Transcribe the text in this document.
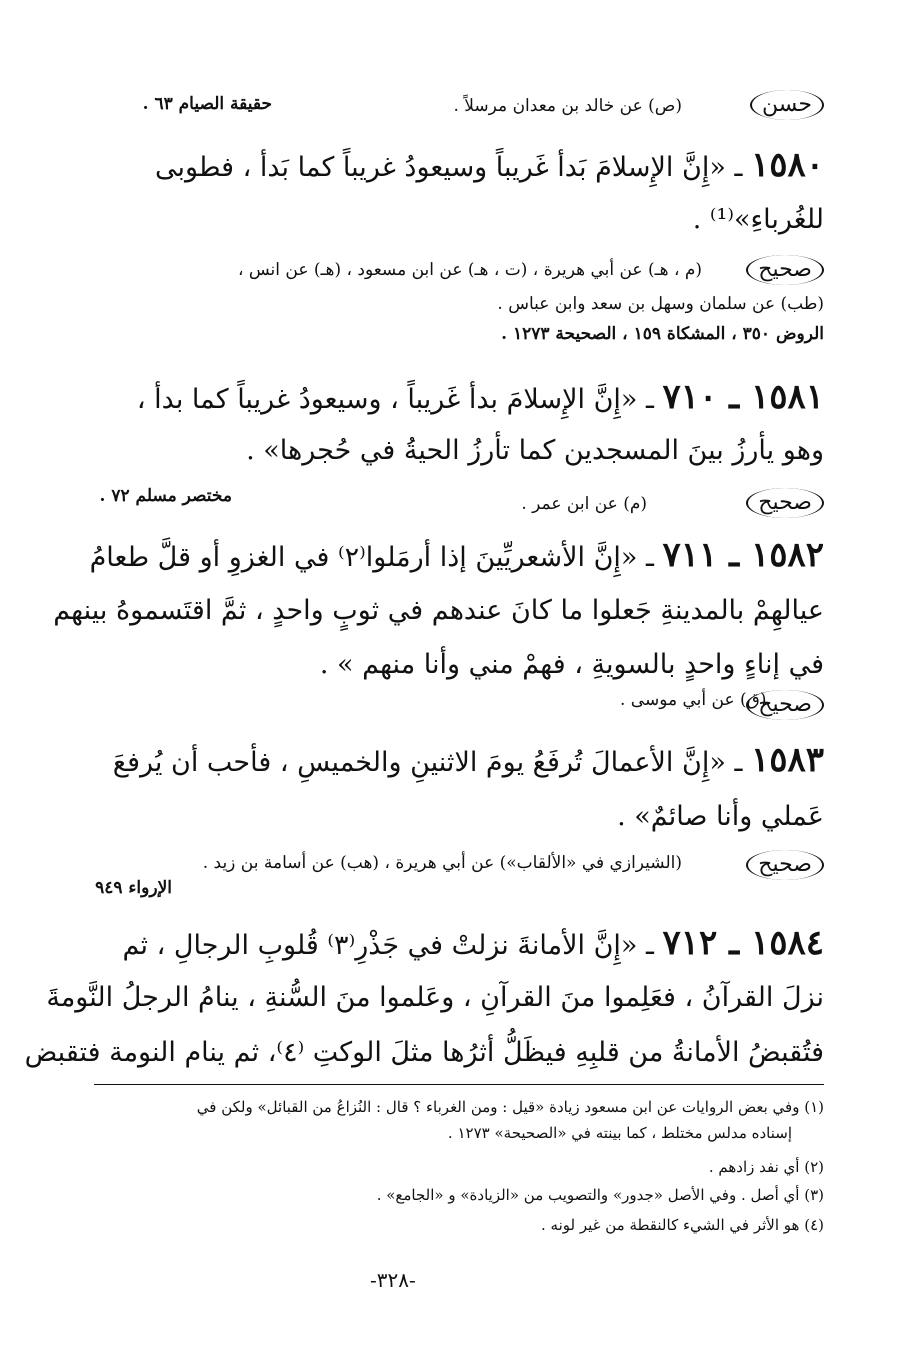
حسن
(ص) عن خالد بن معدان مرسلاً .
حقيقة الصيام ٦٣ .
١٥٨٠ ـ «إِنَّ الإِسلامَ بَدأ غَريباً وسيعودُ غريباً كما بَدأ ، فطوبى
للغُرباءِ»⁽¹⁾ .
صحيح
(م ، هـ) عن أبي هريرة ، (ت ، هـ) عن ابن مسعود ، (هـ) عن انس ،
(طب) عن سلمان وسهل بن سعد وابن عباس .
الروض ٣٥٠ ، المشكاة ١٥٩ ، الصحيحة ١٢٧٣ .
١٥٨١ ـ ٧١٠ ـ «إِنَّ الإِسلامَ بدأ غَريباً ، وسيعودُ غريباً كما بدأ ،
وهو يأرزُ بينَ المسجدين كما تأرزُ الحيةُ في حُجرها» .
صحيح
(م) عن ابن عمر .
مختصر مسلم ٧٢ .
١٥٨٢ ـ ٧١١ ـ «إِنَّ الأشعريِّينَ إذا أرمَلوا⁽٢⁾ في الغزوِ أو قلَّ طعامُ
عيالهِمْ بالمدينةِ جَعلوا ما كانَ عندهم في ثوبٍ واحدٍ ، ثمَّ اقتَسموهُ بينهم
في إناءٍ واحدٍ بالسويةِ ، فهمْ مني وأنا منهم » .
(ق) عن أبي موسى .
صحيح
١٥٨٣ ـ «إِنَّ الأعمالَ تُرفَعُ يومَ الاثنينِ والخميسِ ، فأحب أن يُرفعَ
عَملي وأنا صائمٌ» .
صحيح
(الشيرازي في «الألقاب») عن أبي هريرة ، (هب) عن أسامة بن زيد .
الإرواء ٩٤٩
١٥٨٤ ـ ٧١٢ ـ «إِنَّ الأمانةَ نزلتْ في جَذْرِ⁽٣⁾ قُلوبِ الرجالِ ، ثم
نزلَ القرآنُ ، فعَلِموا منَ القرآنِ ، وعَلموا منَ السُّنةِ ، ينامُ الرجلُ النَّومةَ
فتُقبضُ الأمانةُ من قلبِهِ فيظَلُّ أثرُها مثلَ الوكتِ ⁽٤⁾، ثم ينام النومة فتقبض
(١) وفي بعض الروايات عن ابن مسعود زيادة «قيل : ومن الغرباء ؟ قال : النُزاعُ من القبائل» ولكن في
إسناده مدلس مختلط ، كما بينته في «الصحيحة» ١٢٧٣ .
(٢) أي نفد زادهم .
(٣) أي أصل . وفي الأصل «جدور» والتصويب من «الزيادة» و «الجامع» .
(٤) هو الأثر في الشيء كالنقطة من غير لونه .
-٣٢٨-
